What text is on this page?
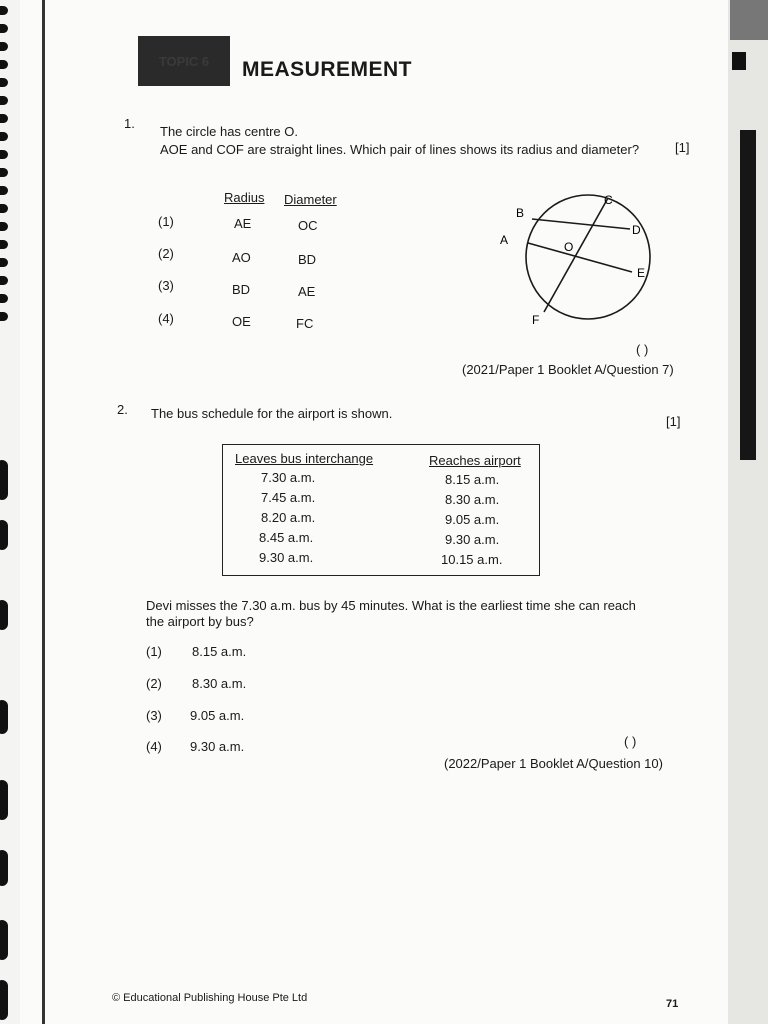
TOPIC 6	MEASUREMENT
1.
The circle has centre O.
AOE and COF are straight lines. Which pair of lines shows its radius and diameter?	[1]
Radius Diameter
(1)	AE	OC
(2)	AO	BD
(3)	BD	AE
(4)	OE	FC
B
C
D
A	O
E
F
( )
(2021/Paper 1 Booklet A/Question 7)
2. The bus schedule for the airport is shown.
[1]
Leaves bus interchange	Reaches airport
7.30 a.m.	8.15 a.m.
7.45 a.m.	8.30 a.m.
8.20 a.m.	9.05 a.m.
8.45 a.m.	9.30 a.m.
9.30 a.m.	10.15 a.m.
Devi misses the 7.30 a.m. bus by 45 minutes. What is the earliest time she can reach
the airport by bus?
(1) 8.15 a.m.
(2) 8.30 a.m.
(3) 9.05 a.m.
(4) 9.30 a.m.	( )
(2022/Paper 1 Booklet A/Question 10)
© Educational Publishing House Pte Ltd	71
